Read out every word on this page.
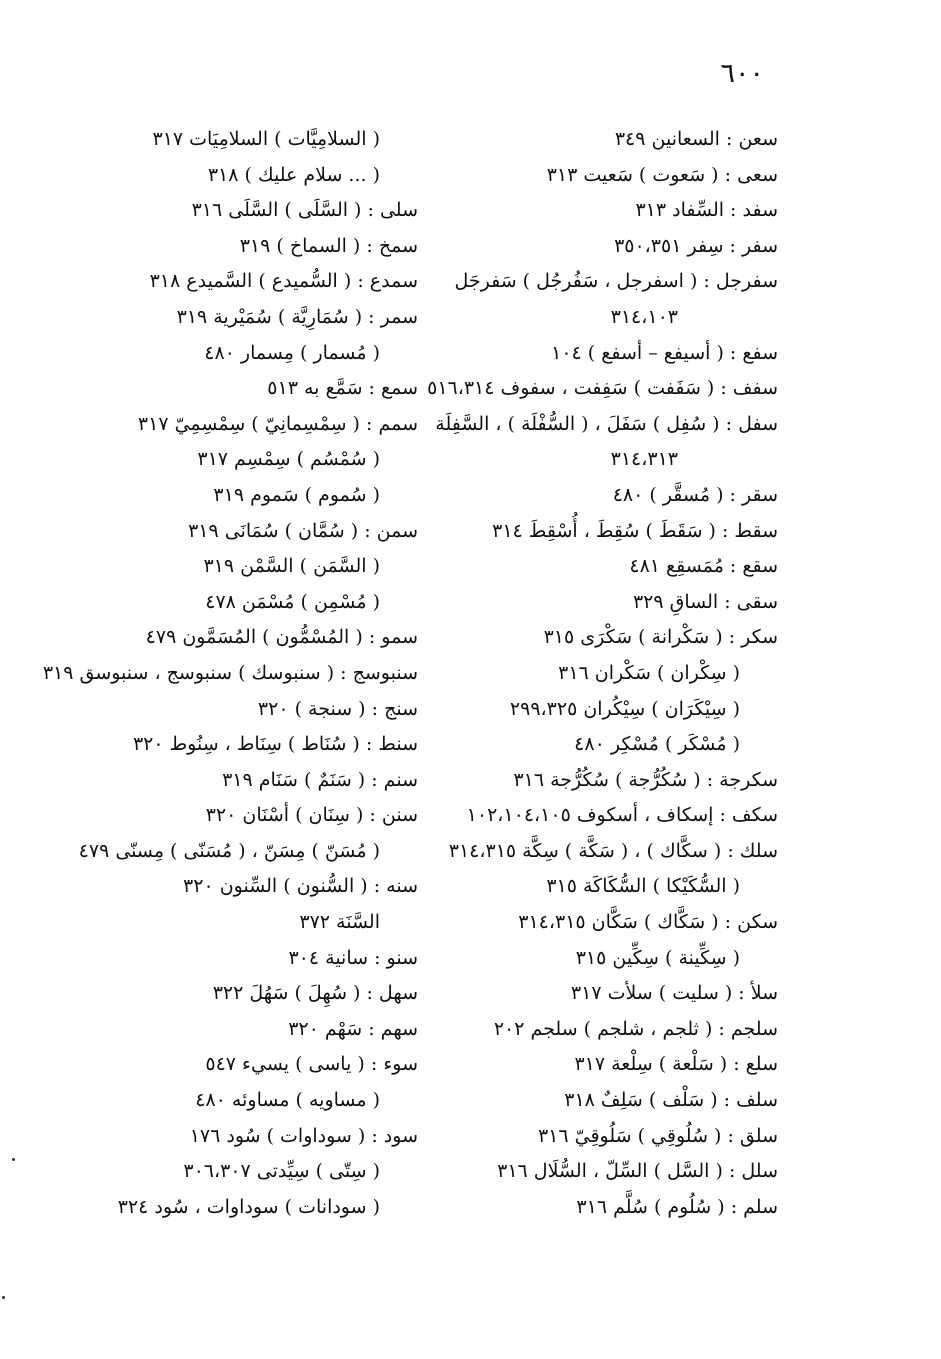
٦٠٠
سعن : السعانين ٣٤٩
سعى : ( سَعوت ) سَعيت ٣١٣
سفد : السِّفاد ٣١٣
سفر : سِفر ٣٥٠،٣٥١
سفرجل : ( اسفرجل ، سَفُرجُل ) سَفرجَل
٣١٤،١٠٣
سفع : ( أسيفع – أسفع ) ١٠٤
سفف : ( سَفَفت ) سَفِفت ، سفوف ٥١٦،٣١٤
سفل : ( سُفِل ) سَفَلَ ، ( السُّفْلَة ) ، السَّفِلَة
٣١٤،٣١٣
سقر : ( مُسقَّر ) ٤٨٠
سقط : ( سَقَطَ ) سُقِطَ ، أُسْقِطَ ٣١٤
سقع : مُمَسقِع ٤٨١
سقى : الساقِ ٣٢٩
سكر : ( سَكْرانة ) سَكْرَى ٣١٥
( سِكْران ) سَكْران ٣١٦
( سِيْكَرَان ) سِيْكُران ٢٩٩،٣٢٥
( مُسْكَر ) مُسْكِر ٤٨٠
سكرجة : ( سُكُرُّجة ) سُكُرُّجة ٣١٦
سكف : إسكاف ، أسكوف ١٠٢،١٠٤،١٠٥
سلك : ( سكَّاك ) ، ( سَكَّة ) سِكَّة ٣١٤،٣١٥
( السُّكَيْكا ) السُّكَاكَة ٣١٥
سكن : ( سَكَّاك ) سَكَّان ٣١٤،٣١٥
( سِكِّينة ) سِكِّين ٣١٥
سلأ : ( سليت ) سلأت ٣١٧
سلجم : ( ثلجم ، شلجم ) سلجم ٢٠٢
سلع : ( سَلْعة ) سِلْعة ٣١٧
سلف : ( سَلْف ) سَلِفٌ ٣١٨
سلق : ( سُلُوقِي ) سَلُوقِيّ ٣١٦
سلل : ( السَّل ) السِّلّ ، السُّلَال ٣١٦
سلم : ( سُلُوم ) سُلَّم ٣١٦
( السلامِيَّات ) السلامِيَات ٣١٧
( ... سلام عليك ) ٣١٨
سلى : ( السَّلَى ) السَّلَى ٣١٦
سمخ : ( السماخ ) ٣١٩
سمدع : ( السُّميدع ) السَّميدع ٣١٨
سمر : ( سُمَارِيَّة ) سُمَيْرية ٣١٩
( مُسمار ) مِسمار ٤٨٠
سمع : سَمَّع به ٥١٣
سمم : ( سِمْسِمانِيّ ) سِمْسِمِيّ ٣١٧
( سُمْسُم ) سِمْسِم ٣١٧
( سُموم ) سَموم ٣١٩
سمن : ( سُمَّان ) سُمَانَى ٣١٩
( السَّمَن ) السَّمْن ٣١٩
( مُسْمِن ) مُسْمَن ٤٧٨
سمو : ( المُسْمُّون ) المُسَمَّون ٤٧٩
سنبوسج : ( سنبوسك ) سنبوسج ، سنبوسق ٣١٩
سنج : ( سنجة ) ٣٢٠
سنط : ( سُنَاط ) سِنَاط ، سِنُوط ٣٢٠
سنم : ( سَنَمٌ ) سَنَام ٣١٩
سنن : ( سِنَان ) أسْنَان ٣٢٠
( مُسَنّ ) مِسَنّ ، ( مُسَنّى ) مِسنّى ٤٧٩
سنه : ( السُّنون ) السِّنون ٣٢٠
السَّنَة ٣٧٢
سنو : سانية ٣٠٤
سهل : ( سُهِلَ ) سَهُلَ ٣٢٢
سهم : سَهْم ٣٢٠
سوء : ( ياسى ) يسيء ٥٤٧
( مساويه ) مساوئه ٤٨٠
سود : ( سوداوات ) سُود ١٧٦
( سِتّى ) سِيِّدتى ٣٠٦،٣٠٧
( سودانات ) سوداوات ، سُود ٣٢٤
